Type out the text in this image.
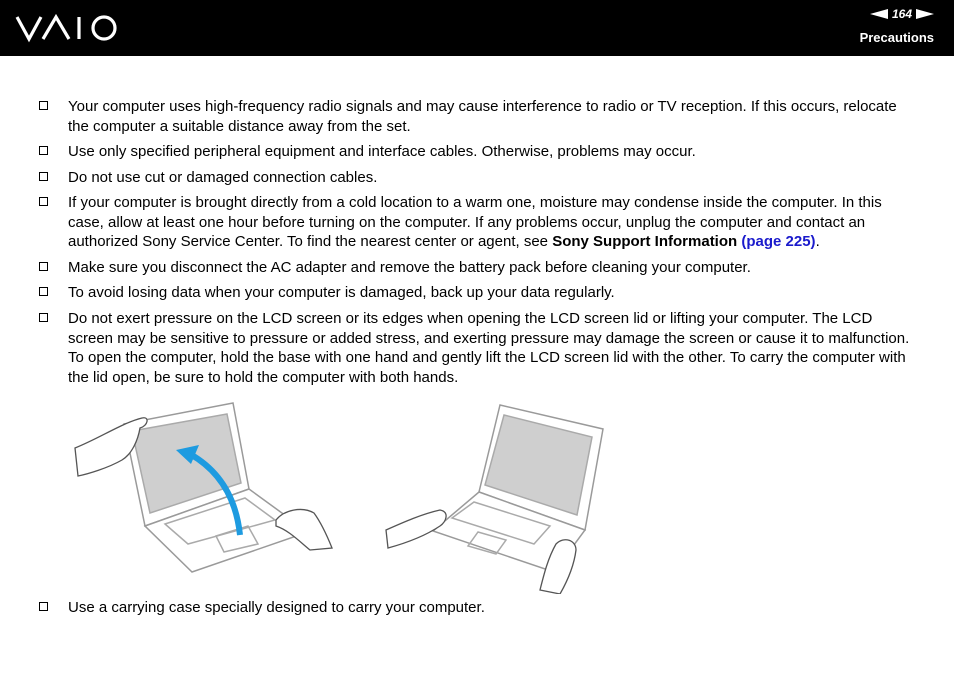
164
Precautions
Your computer uses high-frequency radio signals and may cause interference to radio or TV reception. If this occurs, relocate the computer a suitable distance away from the set.
Use only specified peripheral equipment and interface cables. Otherwise, problems may occur.
Do not use cut or damaged connection cables.
If your computer is brought directly from a cold location to a warm one, moisture may condense inside the computer. In this case, allow at least one hour before turning on the computer. If any problems occur, unplug the computer and contact an authorized Sony Service Center. To find the nearest center or agent, see Sony Support Information (page 225).
Make sure you disconnect the AC adapter and remove the battery pack before cleaning your computer.
To avoid losing data when your computer is damaged, back up your data regularly.
Do not exert pressure on the LCD screen or its edges when opening the LCD screen lid or lifting your computer. The LCD screen may be sensitive to pressure or added stress, and exerting pressure may damage the screen or cause it to malfunction. To open the computer, hold the base with one hand and gently lift the LCD screen lid with the other. To carry the computer with the lid open, be sure to hold the computer with both hands.
Use a carrying case specially designed to carry your computer.
